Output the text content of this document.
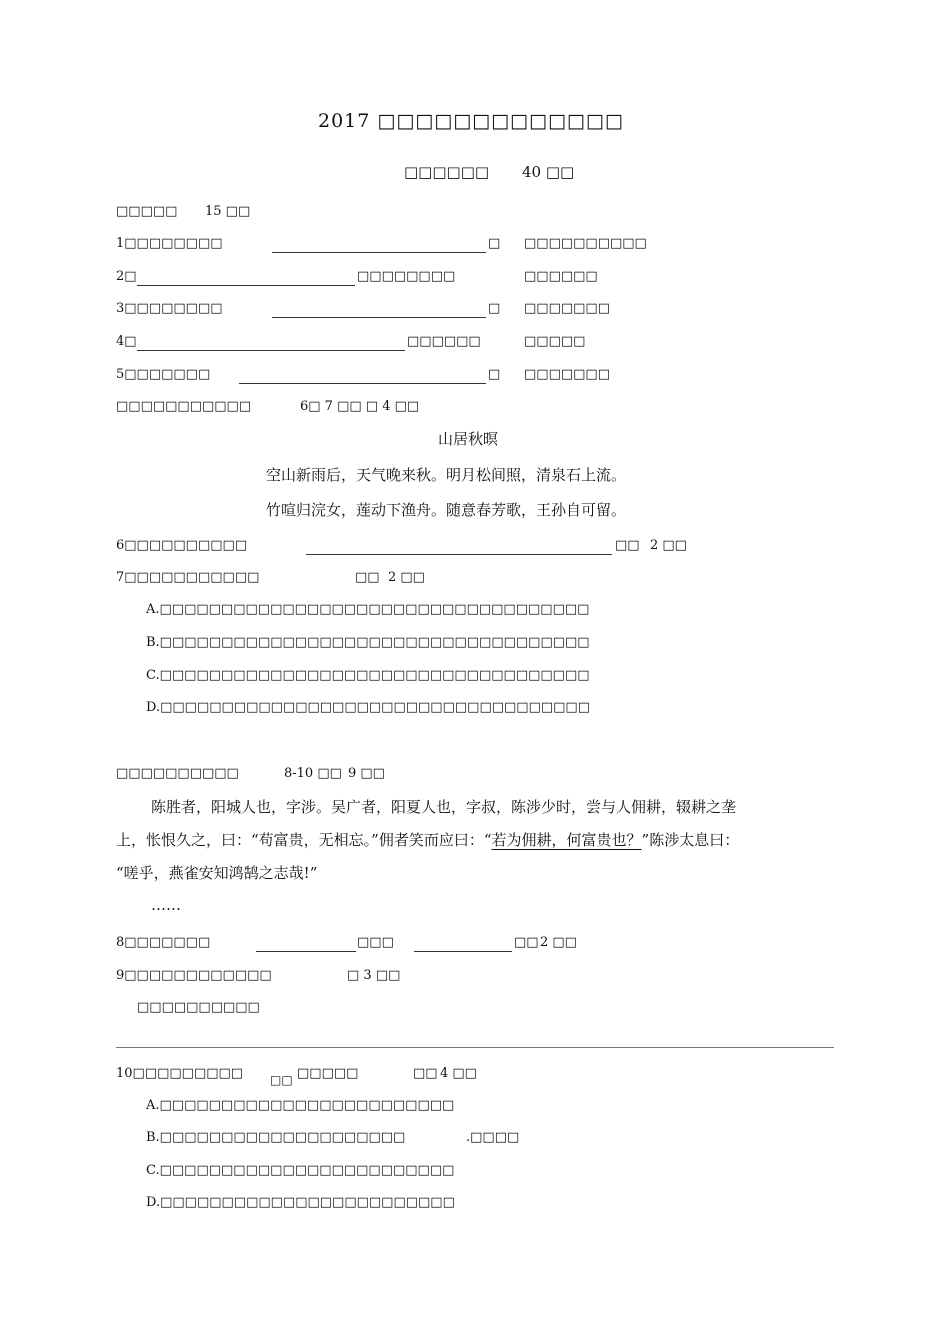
2017 □□□□□□□□□□□□□
□□□□□□ 40 □□
□□□□□ 15 □□
1□□□□□□□□	□ □□□□□□□□□□
2□	□□□□□□□□	□□□□□□
3□□□□□□□□	□ □□□□□□□
4□	□□□□□□	□□□□□
5□□□□□□□	□ □□□□□□□
□□□□□□□□□□□	6□ 7 □□ □ 4 □□
山居秋暝
空山新雨后，天气晚来秋。明月松间照，清泉石上流。
竹喧归浣女，莲动下渔舟。随意春芳歌，王孙自可留。
6□□□□□□□□□□	□□ 2 □□
7□□□□□□□□□□□	□□ 2 □□
A.□□□□□□□□□□□□□□□□□□□□□□□□□□□□□□□□□□□
B.□□□□□□□□□□□□□□□□□□□□□□□□□□□□□□□□□□□
C.□□□□□□□□□□□□□□□□□□□□□□□□□□□□□□□□□□□
D.□□□□□□□□□□□□□□□□□□□□□□□□□□□□□□□□□□□
□□□□□□□□□□	8-10 □□ 9 □□
陈胜者，阳城人也，字涉。吴广者，阳夏人也，字叔，陈涉少时，尝与人佣耕，辍耕之垄
上，怅恨久之，曰：“苟富贵，无相忘。”佣者笑而应曰：“若为佣耕，何富贵也？”陈涉太息曰：
“嗟乎，燕雀安知鸿鹄之志哉!”
……
8□□□□□□□	□□□	□□ 2 □□
9□□□□□□□□□□□□	□ 3 □□
□□□□□□□□□□
10□□□□□□□□□ □□ □□□□□	□□ 4 □□
A.□□□□□□□□□□□□□□□□□□□□□□□□
B.□□□□□□□□□□□□□□□□□□□□	.□□□□
C.□□□□□□□□□□□□□□□□□□□□□□□□
D.□□□□□□□□□□□□□□□□□□□□□□□□
